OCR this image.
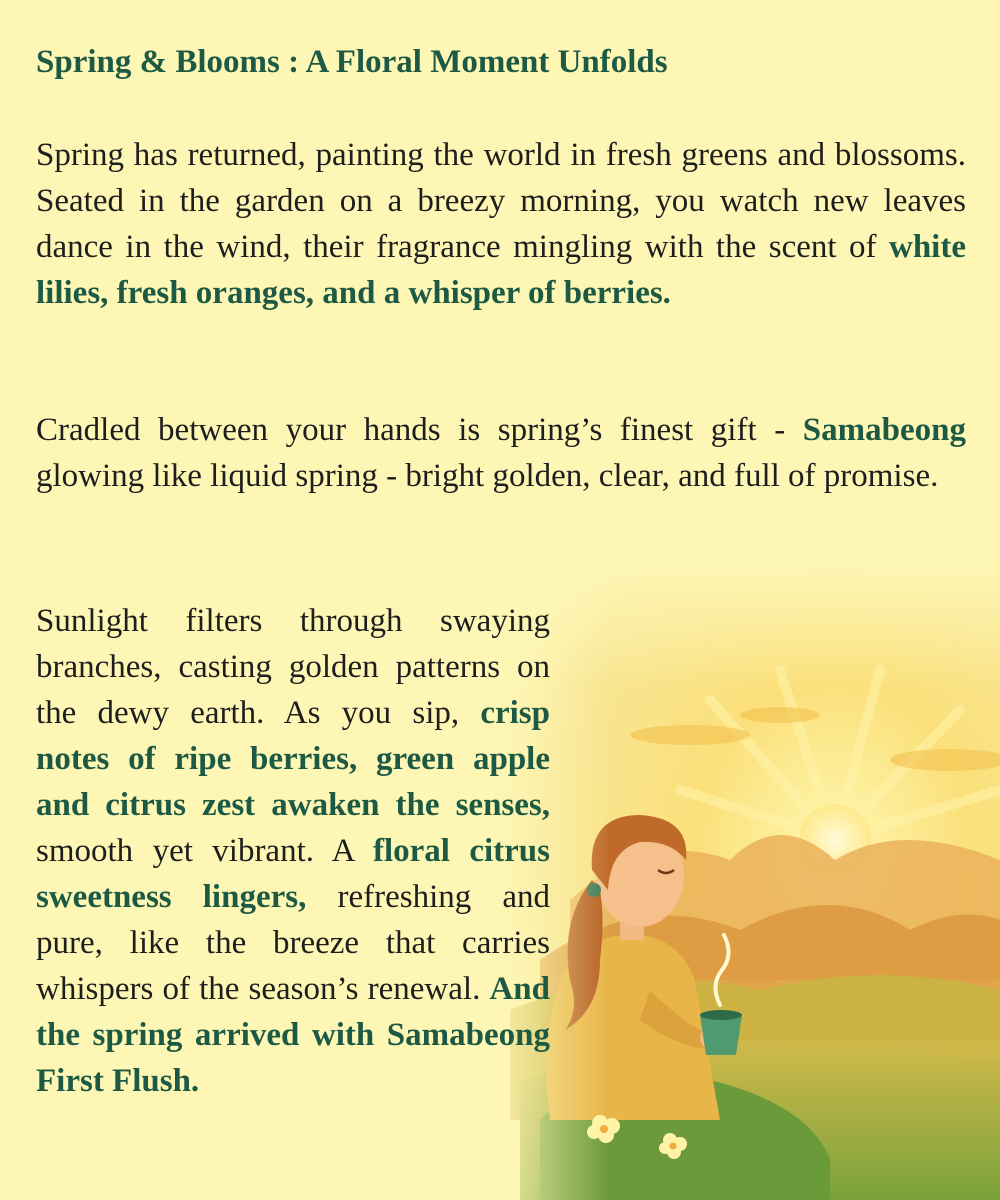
Spring & Blooms : A Floral Moment Unfolds

Spring has returned, painting the world in fresh greens and blossoms. Seated in the garden on a breezy morning, you watch new leaves dance in the wind, their fragrance mingling with the scent of white lilies, fresh oranges, and a whisper of berries.

Cradled between your hands is spring’s finest gift - Samabeong glowing like liquid spring - bright golden, clear, and full of promise.

Sunlight filters through swaying branches, casting golden patterns on the dewy earth. As you sip, crisp notes of ripe berries, green apple and citrus zest awaken the senses, smooth yet vibrant. A floral citrus sweetness lingers, refreshing and pure, like the breeze that carries whispers of the season’s renewal. And the spring arrived with Samabeong First Flush.
